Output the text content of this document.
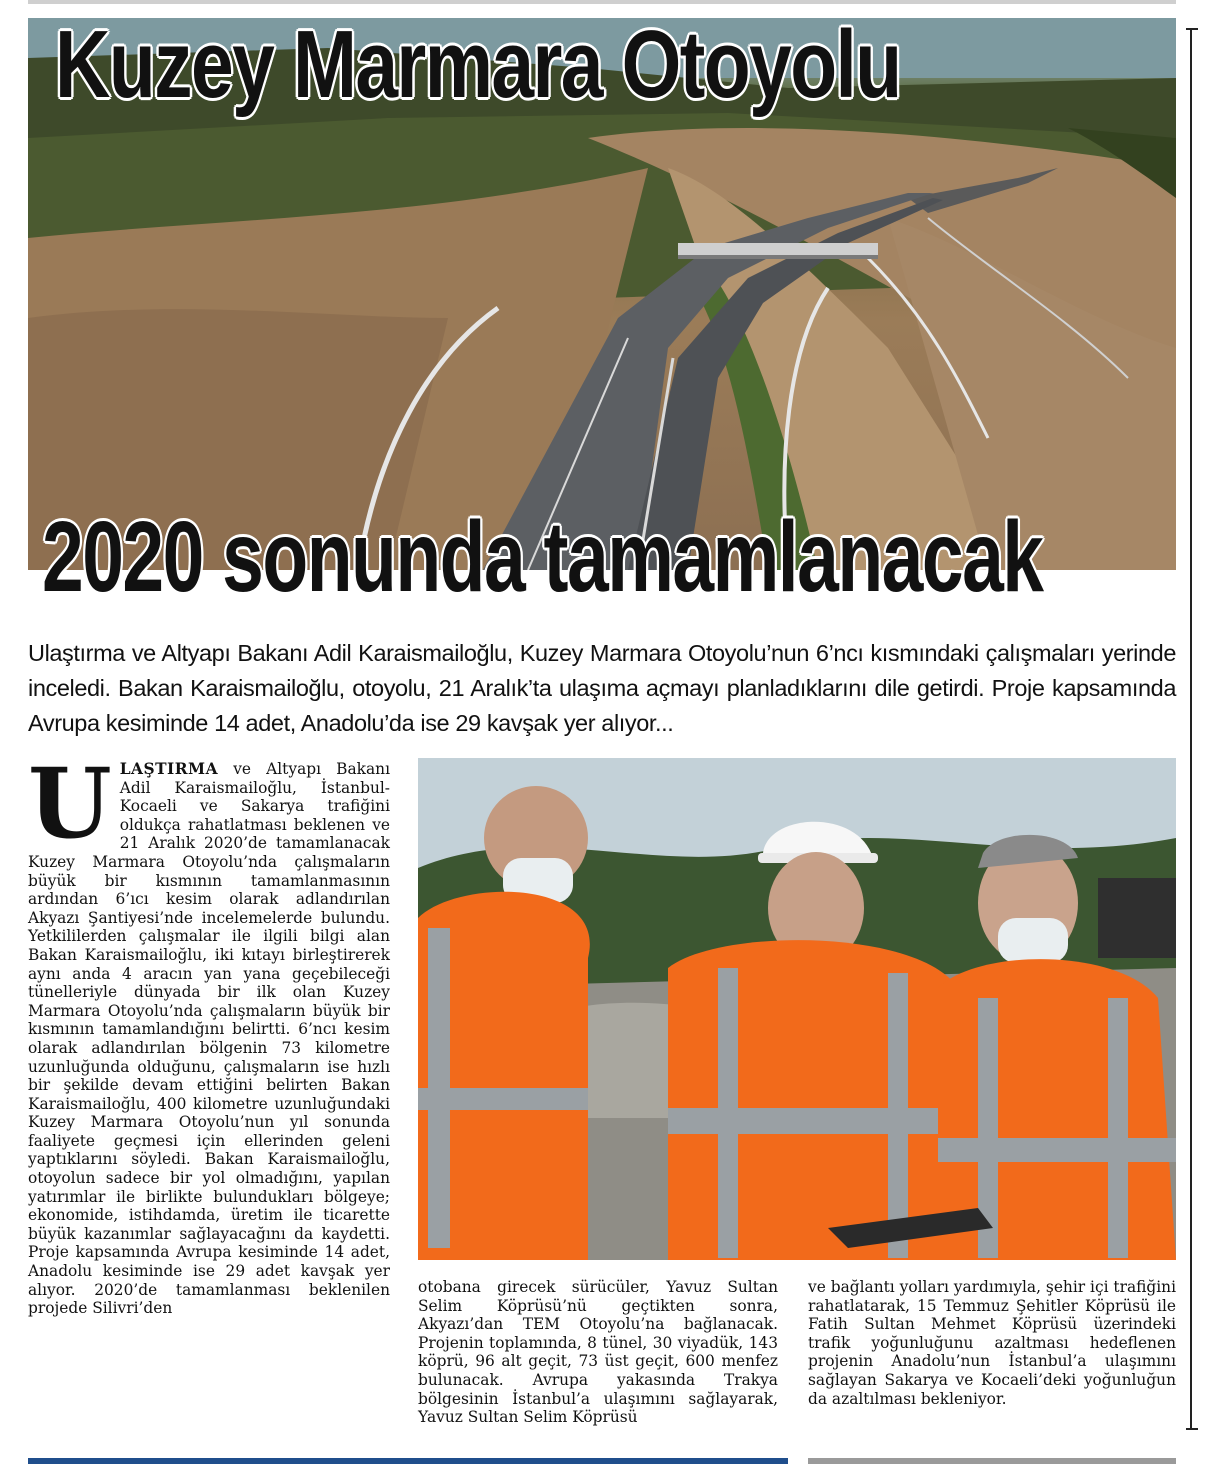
Kuzey Marmara Otoyolu
2020 sonunda tamamlanacak
Ulaştırma ve Altyapı Bakanı Adil Karaismailoğlu, Kuzey Marmara Otoyolu’nun 6’ncı kısmındaki çalışmaları yerinde inceledi. Bakan Karaismailoğlu, otoyolu, 21 Aralık’ta ulaşıma açmayı planladıklarını dile getirdi. Proje kapsamında Avrupa kesiminde 14 adet, Anadolu’da ise 29 kavşak yer alıyor...
ULAŞTIRMA ve Altyapı Bakanı Adil Karaismailoğlu, İstanbul-Kocaeli ve Sakarya trafiğini oldukça rahatlatması beklenen ve 21 Aralık 2020’de tamamlanacak Kuzey Marmara Otoyolu’nda çalışmaların büyük bir kısmının tamamlanmasının ardından 6’ıcı kesim olarak adlandırılan Akyazı Şantiyesi’nde incelemelerde bulundu. Yetkililerden çalışmalar ile ilgili bilgi alan Bakan Karaismailoğlu, iki kıtayı birleştirerek aynı anda 4 aracın yan yana geçebileceği tünelleriyle dünyada bir ilk olan Kuzey Marmara Otoyolu’nda çalışmaların büyük bir kısmının tamamlandığını belirtti. 6’ncı kesim olarak adlandırılan bölgenin 73 kilometre uzunluğunda olduğunu, çalışmaların ise hızlı bir şekilde devam ettiğini belirten Bakan Karaismailoğlu, 400 kilometre uzunluğundaki Kuzey Marmara Otoyolu’nun yıl sonunda faaliyete geçmesi için ellerinden geleni yaptıklarını söyledi. Bakan Karaismailoğlu, otoyolun sadece bir yol olmadığını, yapılan yatırımlar ile birlikte bulundukları bölgeye; ekonomide, istihdamda, üretim ile ticarette büyük kazanımlar sağlayacağını da kaydetti. Proje kapsamında Avrupa kesiminde 14 adet, Anadolu kesiminde ise 29 adet kavşak yer alıyor. 2020’de tamamlanması beklenilen projede Silivri’den
otobana girecek sürücüler, Yavuz Sultan Selim Köprüsü’nü geçtikten sonra, Akyazı’dan TEM Otoyolu’na bağlanacak. Projenin toplamında, 8 tünel, 30 viyadük, 143 köprü, 96 alt geçit, 73 üst geçit, 600 menfez bulunacak. Avrupa yakasında Trakya bölgesinin İstanbul’a ulaşımını sağlayarak, Yavuz Sultan Selim Köprüsü
ve bağlantı yolları yardımıyla, şehir içi trafiğini rahatlatarak, 15 Temmuz Şehitler Köprüsü ile Fatih Sultan Mehmet Köprüsü üzerindeki trafik yoğunluğunu azaltması hedeflenen projenin Anadolu’nun İstanbul’a ulaşımını sağlayan Sakarya ve Kocaeli’deki yoğunluğun da azaltılması bekleniyor.
